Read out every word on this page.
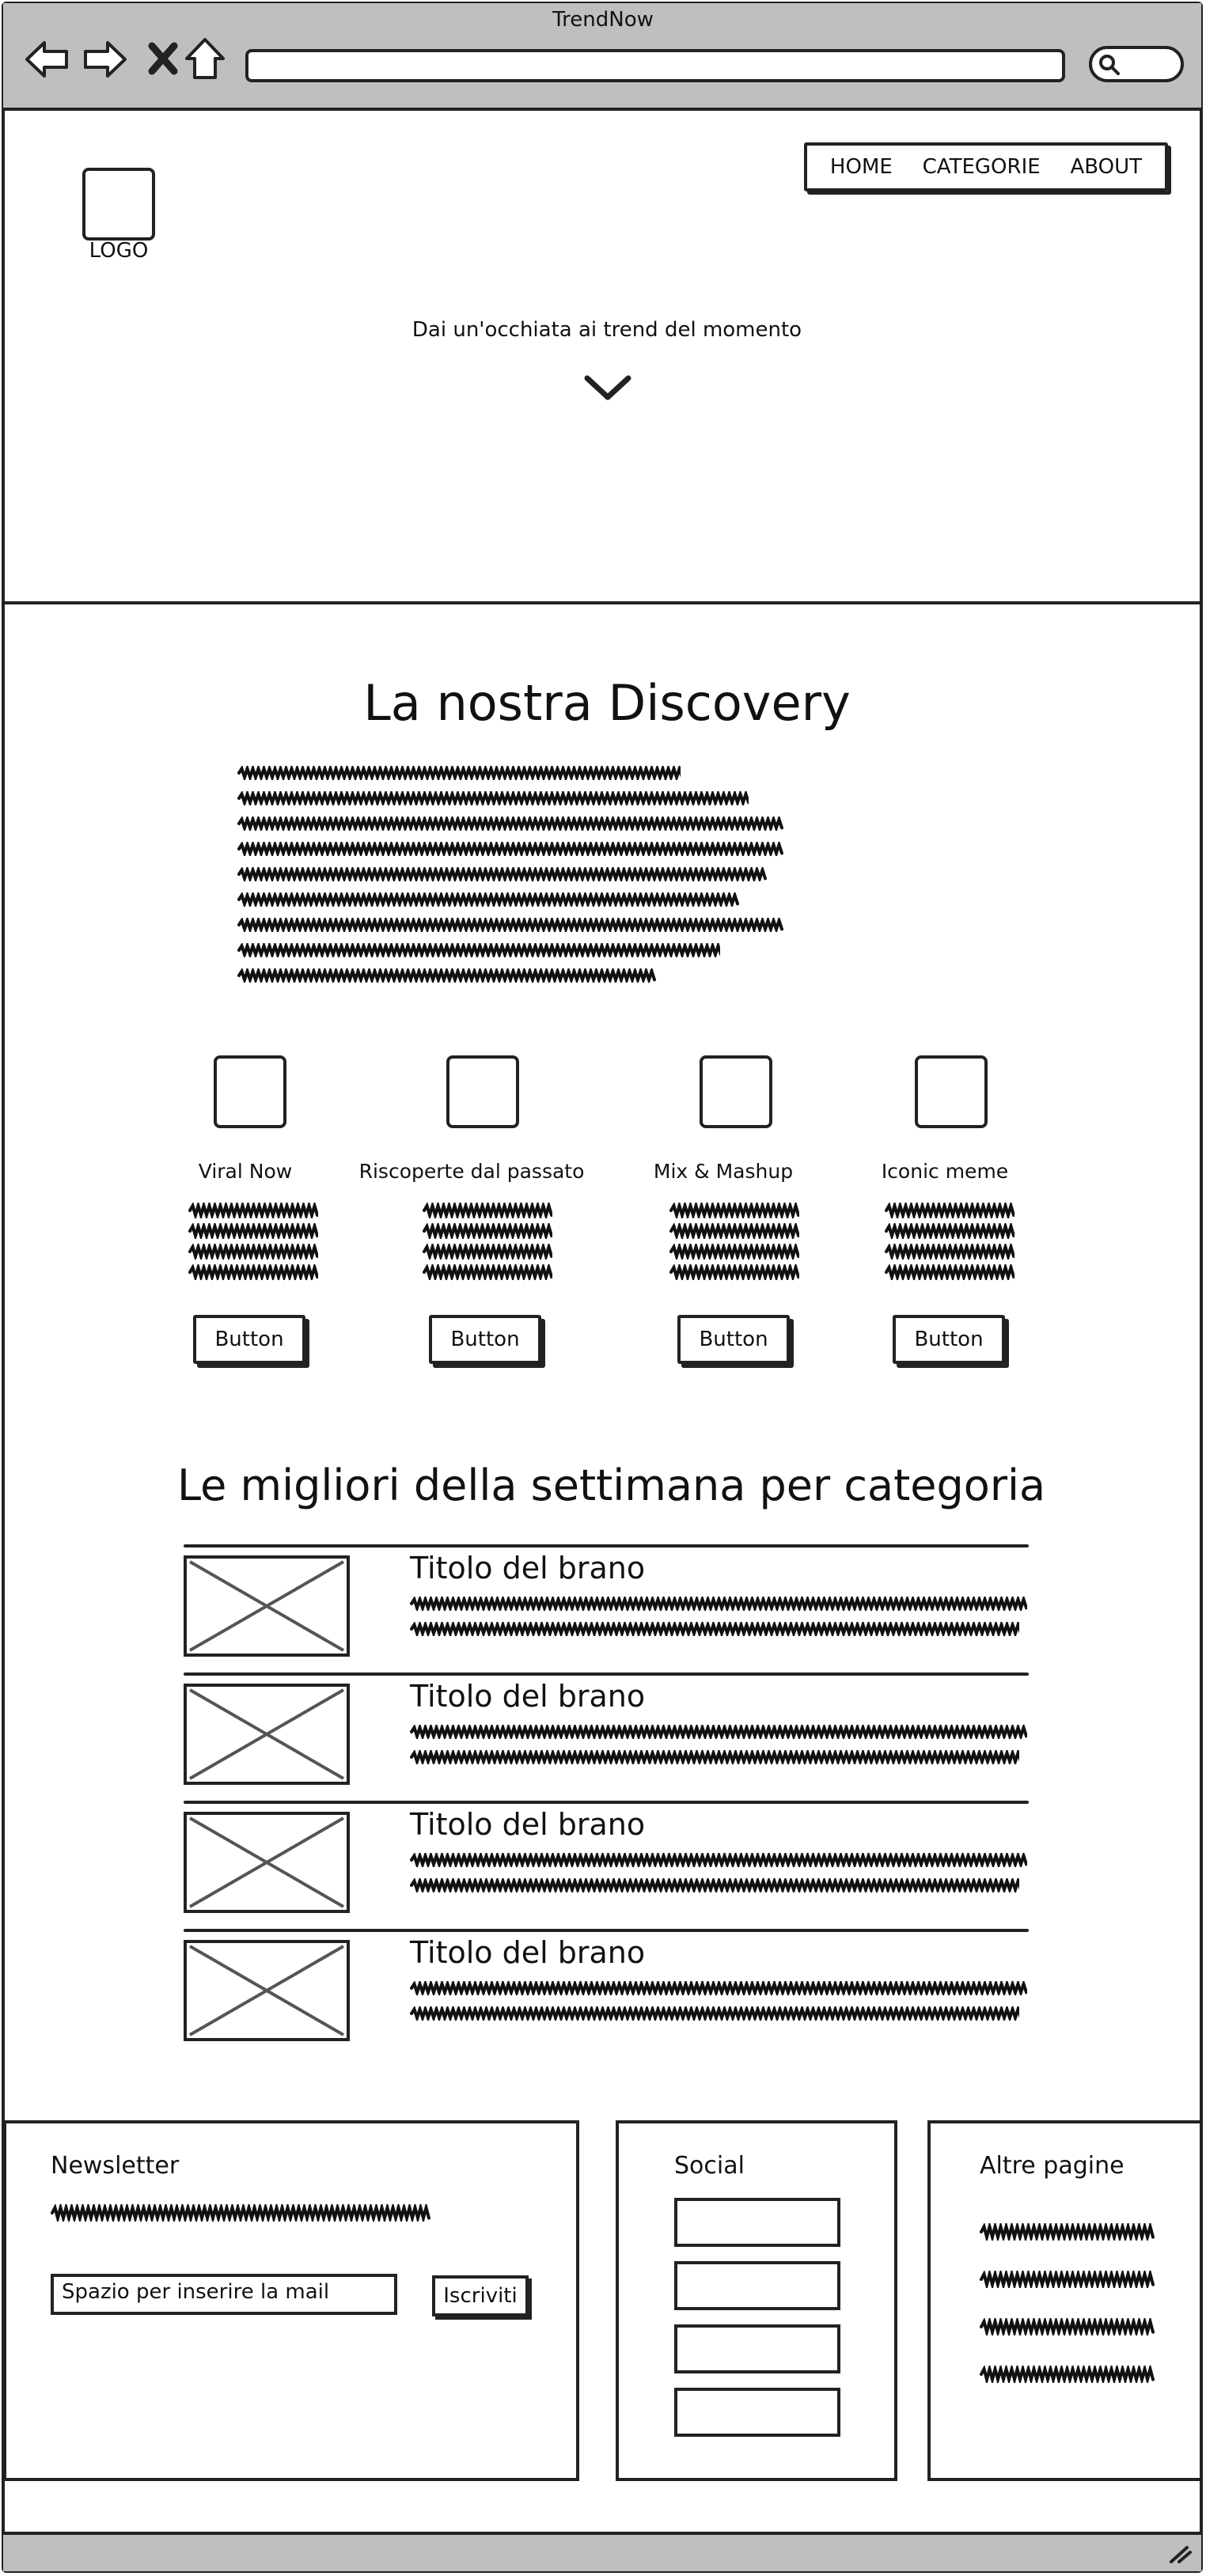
TrendNow
LOGO
HOME CATEGORIE ABOUT
Dai un'occhiata ai trend del momento
La nostra Discovery
Viral Now	Riscoperte dal passato	Mix & Mashup	Iconic meme
Button	Button	Button	Button
Le migliori della settimana per categoria
Titolo del brano
Titolo del brano
Titolo del brano
Titolo del brano
Newsletter
Spazio per inserire la mail	Iscriviti
Social	Altre pagine
